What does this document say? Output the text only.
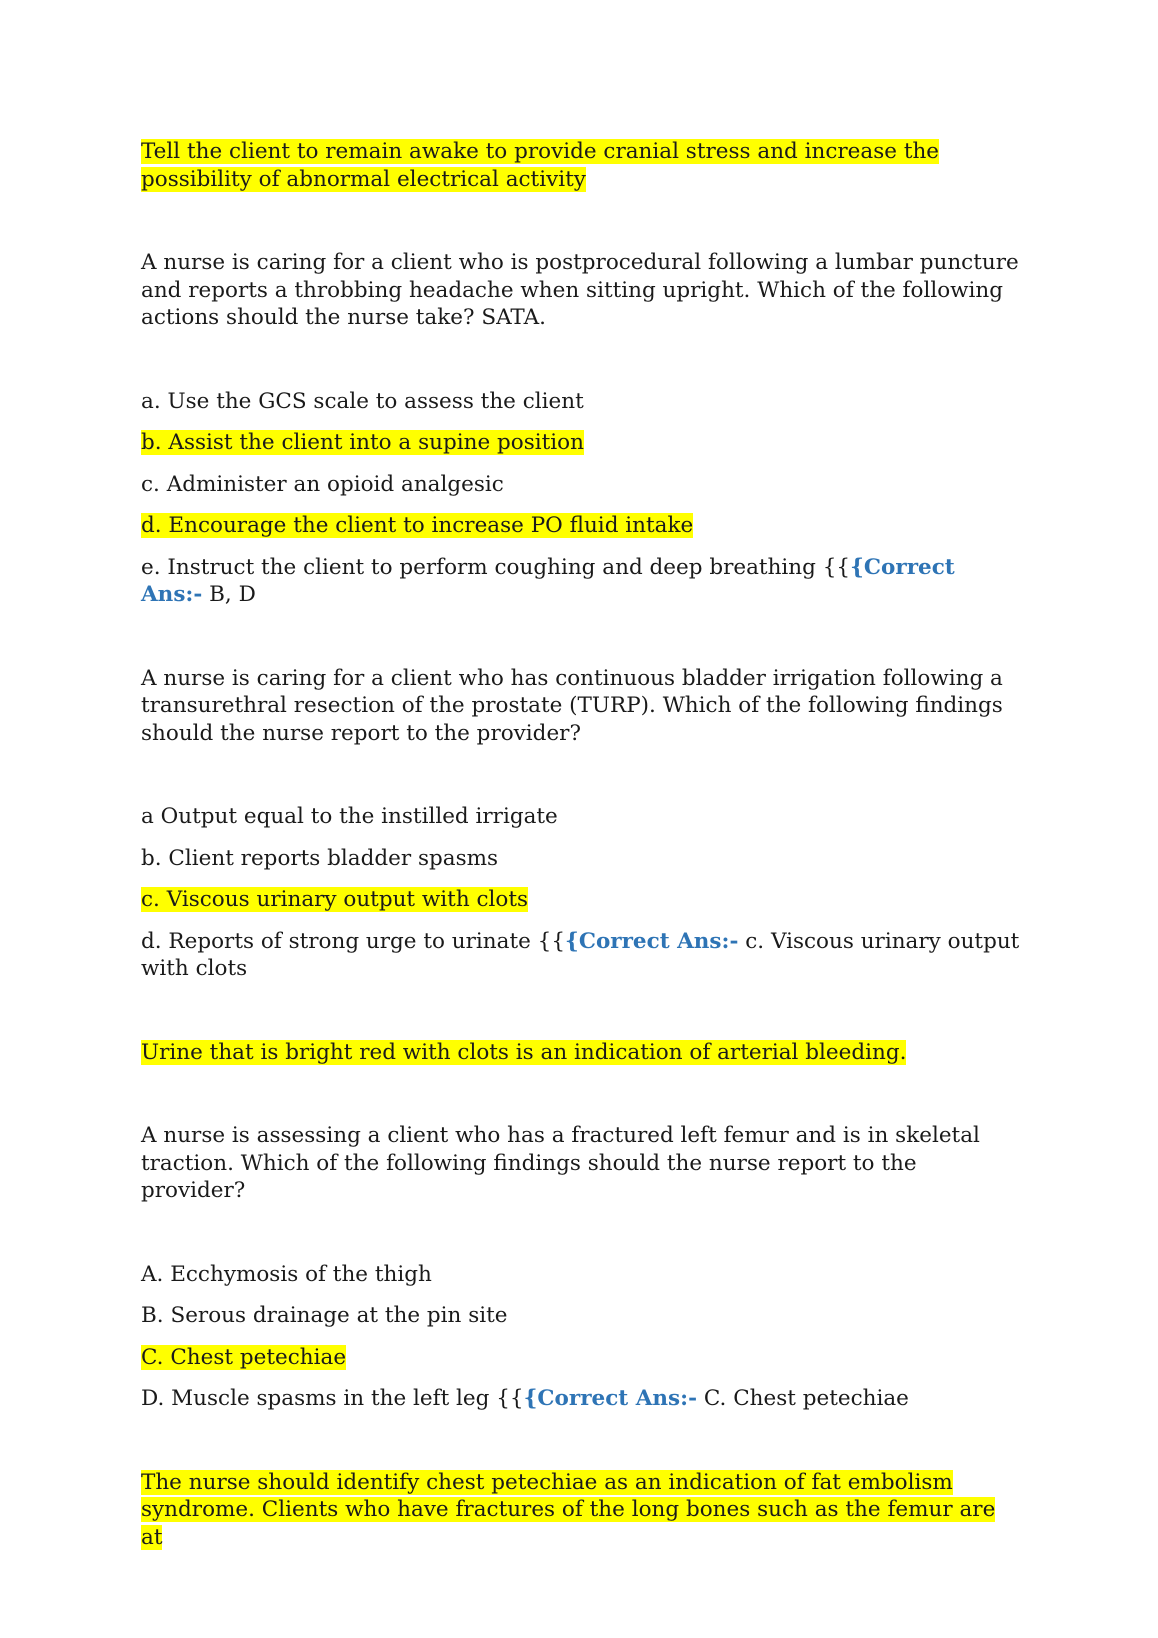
Tell the client to remain awake to provide cranial stress and increase the possibility of abnormal electrical activity

A nurse is caring for a client who is postprocedural following a lumbar puncture and reports a throbbing headache when sitting upright. Which of the following actions should the nurse take? SATA.

a. Use the GCS scale to assess the client

b. Assist the client into a supine position

c. Administer an opioid analgesic

d. Encourage the client to increase PO fluid intake

e. Instruct the client to perform coughing and deep breathing {{{Correct Ans:- B, D

A nurse is caring for a client who has continuous bladder irrigation following a transurethral resection of the prostate (TURP). Which of the following findings should the nurse report to the provider?

a Output equal to the instilled irrigate

b. Client reports bladder spasms

c. Viscous urinary output with clots

d. Reports of strong urge to urinate {{{Correct Ans:- c. Viscous urinary output with clots

Urine that is bright red with clots is an indication of arterial bleeding.

A nurse is assessing a client who has a fractured left femur and is in skeletal traction. Which of the following findings should the nurse report to the provider?

A. Ecchymosis of the thigh

B. Serous drainage at the pin site

C. Chest petechiae

D. Muscle spasms in the left leg {{{Correct Ans:- C. Chest petechiae

The nurse should identify chest petechiae as an indication of fat embolism syndrome. Clients who have fractures of the long bones such as the femur are at
